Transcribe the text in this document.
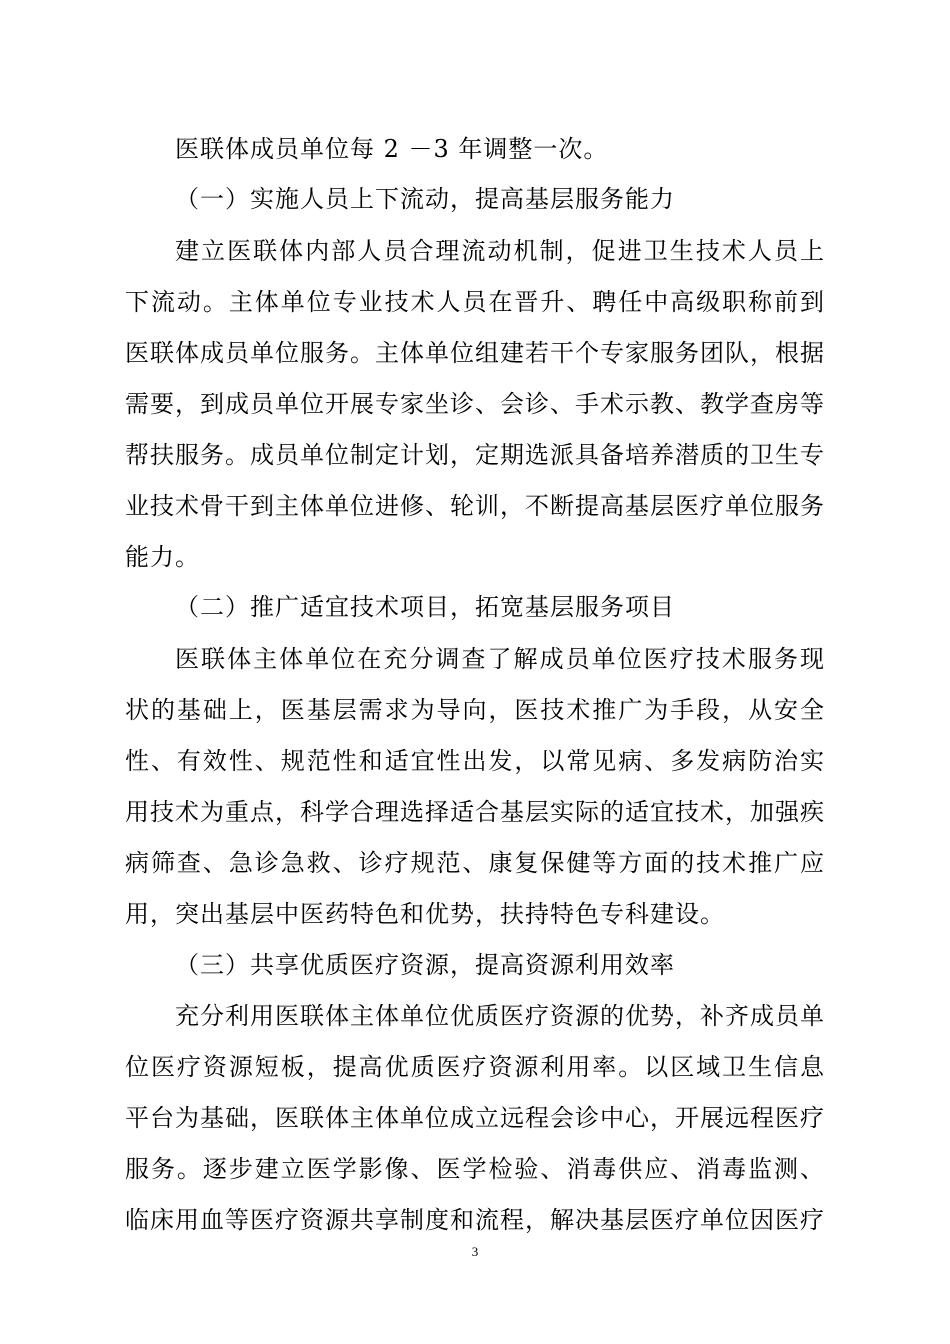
医联体成员单位每 2 －3 年调整一次。
（一）实施人员上下流动，提高基层服务能力
建立医联体内部人员合理流动机制，促进卫生技术人员上
下流动。主体单位专业技术人员在晋升、聘任中高级职称前到
医联体成员单位服务。主体单位组建若干个专家服务团队，根据
需要，到成员单位开展专家坐诊、会诊、手术示教、教学查房等
帮扶服务。成员单位制定计划，定期选派具备培养潜质的卫生专
业技术骨干到主体单位进修、轮训，不断提高基层医疗单位服务
能力。
（二）推广适宜技术项目，拓宽基层服务项目
医联体主体单位在充分调查了解成员单位医疗技术服务现
状的基础上，医基层需求为导向，医技术推广为手段，从安全
性、有效性、规范性和适宜性出发，以常见病、多发病防治实
用技术为重点，科学合理选择适合基层实际的适宜技术，加强疾
病筛查、急诊急救、诊疗规范、康复保健等方面的技术推广应
用，突出基层中医药特色和优势，扶持特色专科建设。
（三）共享优质医疗资源，提高资源利用效率
充分利用医联体主体单位优质医疗资源的优势，补齐成员单
位医疗资源短板，提高优质医疗资源利用率。以区域卫生信息
平台为基础，医联体主体单位成立远程会诊中心，开展远程医疗
服务。逐步建立医学影像、医学检验、消毒供应、消毒监测、
临床用血等医疗资源共享制度和流程，解决基层医疗单位因医疗
3
